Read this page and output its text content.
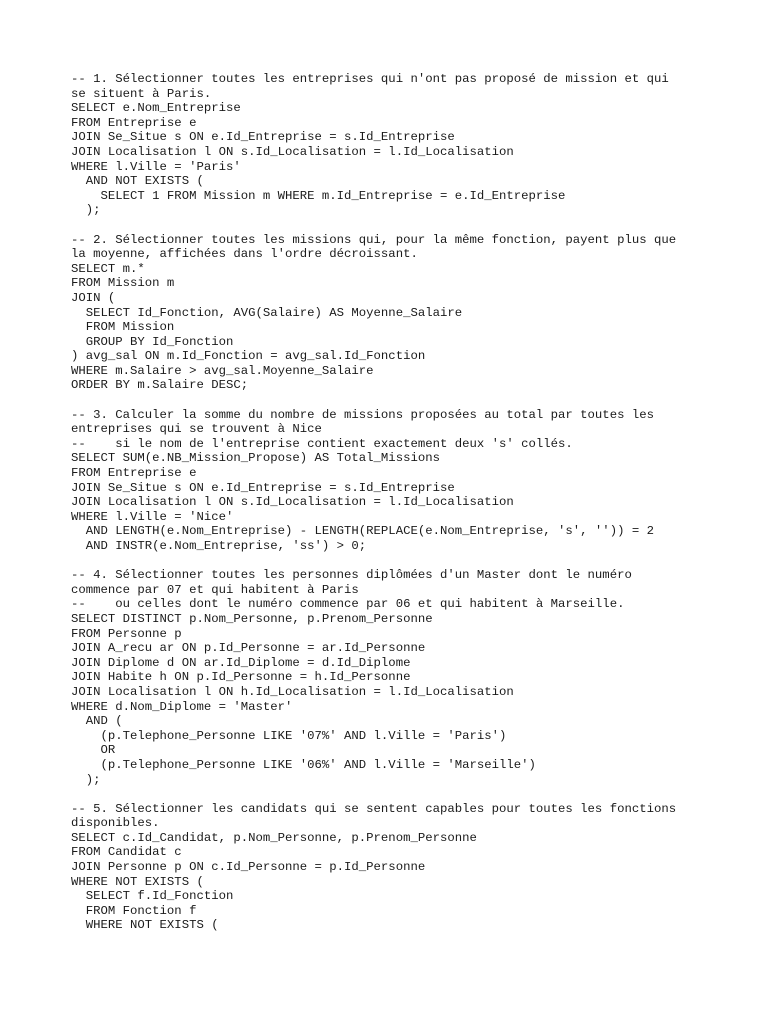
-- 1. Sélectionner toutes les entreprises qui n'ont pas proposé de mission et qui
se situent à Paris.
SELECT e.Nom_Entreprise
FROM Entreprise e
JOIN Se_Situe s ON e.Id_Entreprise = s.Id_Entreprise
JOIN Localisation l ON s.Id_Localisation = l.Id_Localisation
WHERE l.Ville = 'Paris'
AND NOT EXISTS (
SELECT 1 FROM Mission m WHERE m.Id_Entreprise = e.Id_Entreprise
);
-- 2. Sélectionner toutes les missions qui, pour la même fonction, payent plus que
la moyenne, affichées dans l'ordre décroissant.
SELECT m.*
FROM Mission m
JOIN (
SELECT Id_Fonction, AVG(Salaire) AS Moyenne_Salaire
FROM Mission
GROUP BY Id_Fonction
) avg_sal ON m.Id_Fonction = avg_sal.Id_Fonction
WHERE m.Salaire > avg_sal.Moyenne_Salaire
ORDER BY m.Salaire DESC;
-- 3. Calculer la somme du nombre de missions proposées au total par toutes les
entreprises qui se trouvent à Nice
--    si le nom de l'entreprise contient exactement deux 's' collés.
SELECT SUM(e.NB_Mission_Propose) AS Total_Missions
FROM Entreprise e
JOIN Se_Situe s ON e.Id_Entreprise = s.Id_Entreprise
JOIN Localisation l ON s.Id_Localisation = l.Id_Localisation
WHERE l.Ville = 'Nice'
AND LENGTH(e.Nom_Entreprise) - LENGTH(REPLACE(e.Nom_Entreprise, 's', '')) = 2
AND INSTR(e.Nom_Entreprise, 'ss') > 0;
-- 4. Sélectionner toutes les personnes diplômées d'un Master dont le numéro
commence par 07 et qui habitent à Paris
--    ou celles dont le numéro commence par 06 et qui habitent à Marseille.
SELECT DISTINCT p.Nom_Personne, p.Prenom_Personne
FROM Personne p
JOIN A_recu ar ON p.Id_Personne = ar.Id_Personne
JOIN Diplome d ON ar.Id_Diplome = d.Id_Diplome
JOIN Habite h ON p.Id_Personne = h.Id_Personne
JOIN Localisation l ON h.Id_Localisation = l.Id_Localisation
WHERE d.Nom_Diplome = 'Master'
AND (
(p.Telephone_Personne LIKE '07%' AND l.Ville = 'Paris')
OR
(p.Telephone_Personne LIKE '06%' AND l.Ville = 'Marseille')
);
-- 5. Sélectionner les candidats qui se sentent capables pour toutes les fonctions
disponibles.
SELECT c.Id_Candidat, p.Nom_Personne, p.Prenom_Personne
FROM Candidat c
JOIN Personne p ON c.Id_Personne = p.Id_Personne
WHERE NOT EXISTS (
SELECT f.Id_Fonction
FROM Fonction f
WHERE NOT EXISTS (
